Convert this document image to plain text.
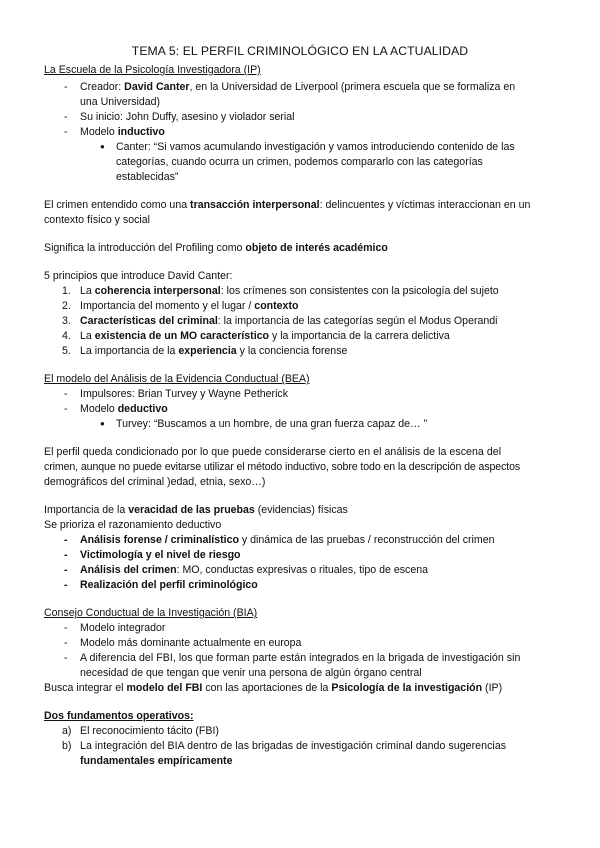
TEMA 5: EL PERFIL CRIMINOLÓGICO EN LA ACTUALIDAD
La Escuela de la Psicología Investigadora (IP)
- Creador: David Canter, en la Universidad de Liverpool (primera escuela que se formaliza en
una Universidad)
- Su inicio: John Duffy, asesino y violador serial
- Modelo inductivo
● Canter: “Si vamos acumulando investigación y vamos introduciendo contenido de las
categorías, cuando ocurra un crimen, podemos compararlo con las categorías
establecidas”
El crimen entendido como una transacción interpersonal: delincuentes y víctimas interaccionan en un
contexto físico y social
Significa la introducción del Profiling como objeto de interés académico
5 principios que introduce David Canter:
1. La coherencia interpersonal: los crímenes son consistentes con la psicología del sujeto
2. Importancia del momento y el lugar / contexto
3. Características del criminal: la importancia de las categorías según el Modus Operandi
4. La existencia de un MO característico y la importancia de la carrera delictiva
5. La importancia de la experiencia y la conciencia forense
El modelo del Análisis de la Evidencia Conductual (BEA)
- Impulsores: Brian Turvey y Wayne Petherick
- Modelo deductivo
● Turvey: “Buscamos a un hombre, de una gran fuerza capaz de… ”
El perfil queda condicionado por lo que puede considerarse cierto en el análisis de la escena del
crimen, aunque no puede evitarse utilizar el método inductivo, sobre todo en la descripción de aspectos
demográficos del criminal )edad, etnia, sexo…)
Importancia de la veracidad de las pruebas (evidencias) físicas
Se prioriza el razonamiento deductivo
- Análisis forense / criminalístico y dinámica de las pruebas / reconstrucción del crimen
- Victimología y el nivel de riesgo
- Análisis del crimen: MO, conductas expresivas o rituales, tipo de escena
- Realización del perfil criminológico
Consejo Conductual de la Investigación (BIA)
- Modelo integrador
- Modelo más dominante actualmente en europa
- A diferencia del FBI, los que forman parte están integrados en la brigada de investigación sin
necesidad de que tengan que venir una persona de algún órgano central
Busca integrar el modelo del FBI con las aportaciones de la Psicología de la investigación (IP)
Dos fundamentos operativos:
a) El reconocimiento tácito (FBI)
b) La integración del BIA dentro de las brigadas de investigación criminal dando sugerencias
fundamentales empíricamente
